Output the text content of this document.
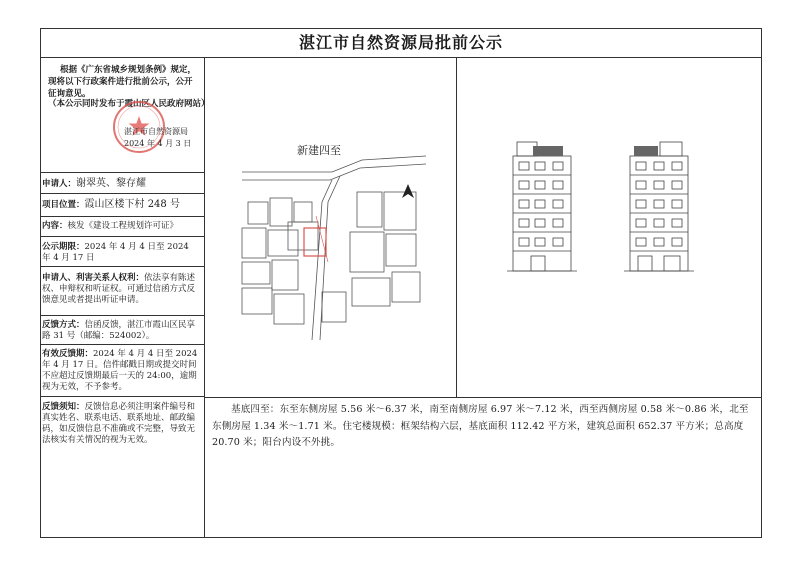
湛江市自然资源局批前公示
根据《广东省城乡规划条例》规定，现将以下行政案件进行批前公示，公开征询意见。
（本公示同时发布于霞山区人民政府网站）
湛江市自然资源局
2024 年 4 月 3 日
申请人：谢翠英、黎存耀
项目位置：霞山区楼下村 248 号
内容：核发《建设工程规划许可证》
公示期限：2024 年 4 月 4 日至 2024 年 4 月 17 日
申请人、利害关系人权利：依法享有陈述权、申辩权和听证权。可通过信函方式反馈意见或者提出听证申请。
反馈方式：信函反馈，湛江市霞山区民享路 31 号（邮编：524002）。
有效反馈期：2024 年 4 月 4 日至 2024 年 4 月 17 日。信件邮戳日期或提交时间不应超过反馈期最后一天的 24:00，逾期视为无效，不予参考。
反馈须知：反馈信息必须注明案件编号和真实姓名、联系电话、联系地址、邮政编码，如反馈信息不准确或不完整，导致无法核实有关情况的视为无效。
新建四至
基底四至：东至东侧房屋 5.56 米～6.37 米，南至南侧房屋 6.97 米～7.12 米，西至西侧房屋 0.58 米～0.86 米，北至东侧房屋 1.34 米～1.71 米。住宅楼规模：框架结构六层，基底面积 112.42 平方米，建筑总面积 652.37 平方米；总高度 20.70 米；阳台内设不外挑。
